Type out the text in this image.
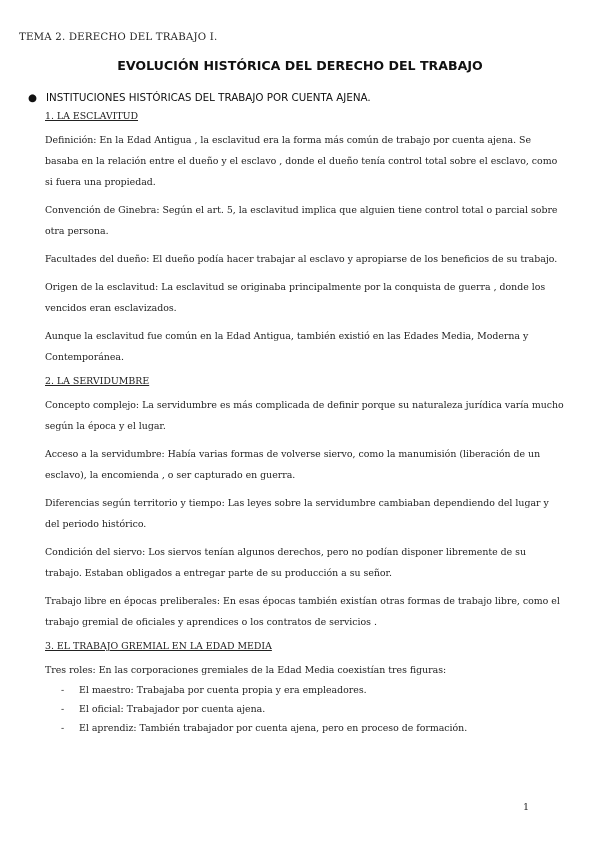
TEMA 2. DERECHO DEL TRABAJO I.
EVOLUCIÓN HISTÓRICA DEL DERECHO DEL TRABAJO
● INSTITUCIONES HISTÓRICAS DEL TRABAJO POR CUENTA AJENA.
1. LA ESCLAVITUD

Definición: En la Edad Antigua , la esclavitud era la forma más común de trabajo por cuenta ajena. Se basaba en la relación entre el dueño y el esclavo , donde el dueño tenía control total sobre el esclavo, como si fuera una propiedad.

Convención de Ginebra: Según el art. 5, la esclavitud implica que alguien tiene control total o parcial sobre otra persona.

Facultades del dueño: El dueño podía hacer trabajar al esclavo y apropiarse de los beneficios de su trabajo.

Origen de la esclavitud: La esclavitud se originaba principalmente por la conquista de guerra , donde los vencidos eran esclavizados.

Aunque la esclavitud fue común en la Edad Antigua, también existió en las Edades Media, Moderna y Contemporánea.

2. LA SERVIDUMBRE

Concepto complejo: La servidumbre es más complicada de definir porque su naturaleza jurídica varía mucho según la época y el lugar.

Acceso a la servidumbre: Había varias formas de volverse siervo, como la manumisión (liberación de un esclavo), la encomienda , o ser capturado en guerra.

Diferencias según territorio y tiempo: Las leyes sobre la servidumbre cambiaban dependiendo del lugar y del periodo histórico.

Condición del siervo: Los siervos tenían algunos derechos, pero no podían disponer libremente de su trabajo. Estaban obligados a entregar parte de su producción a su señor.

Trabajo libre en épocas preliberales: En esas épocas también existían otras formas de trabajo libre, como el trabajo gremial de oficiales y aprendices o los contratos de servicios .

3. EL TRABAJO GREMIAL EN LA EDAD MEDIA

Tres roles: En las corporaciones gremiales de la Edad Media coexistían tres figuras:

- El maestro: Trabajaba por cuenta propia y era empleadores.
- El oficial: Trabajador por cuenta ajena.
- El aprendiz: También trabajador por cuenta ajena, pero en proceso de formación.
1
